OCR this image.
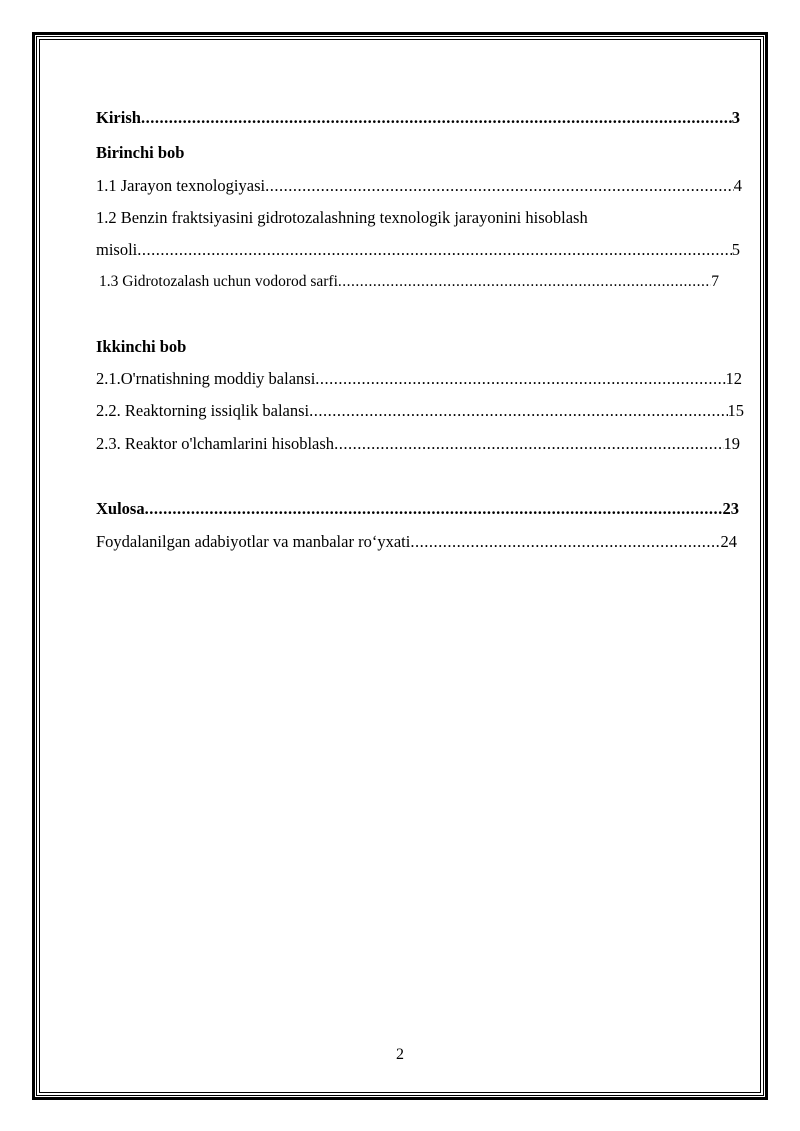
Kirish .....	3
Birinchi bob
1.1 Jarayon texnologiyasi .....	4
1.2 Benzin fraktsiyasini gidrotozalashning texnologik jarayonini hisoblash
misoli .....	5
1.3 Gidrotozalash uchun vodorod sarfi .....	7
Ikkinchi bob
2.1.O'rnatishning moddiy balansi .....	12
2.2. Reaktorning issiqlik balansi .....	15
2.3. Reaktor o'lchamlarini hisoblash .....	19
Xulosa .....	23
Foydalanilgan adabiyotlar va manbalar ro‘yxati .....	24
2
